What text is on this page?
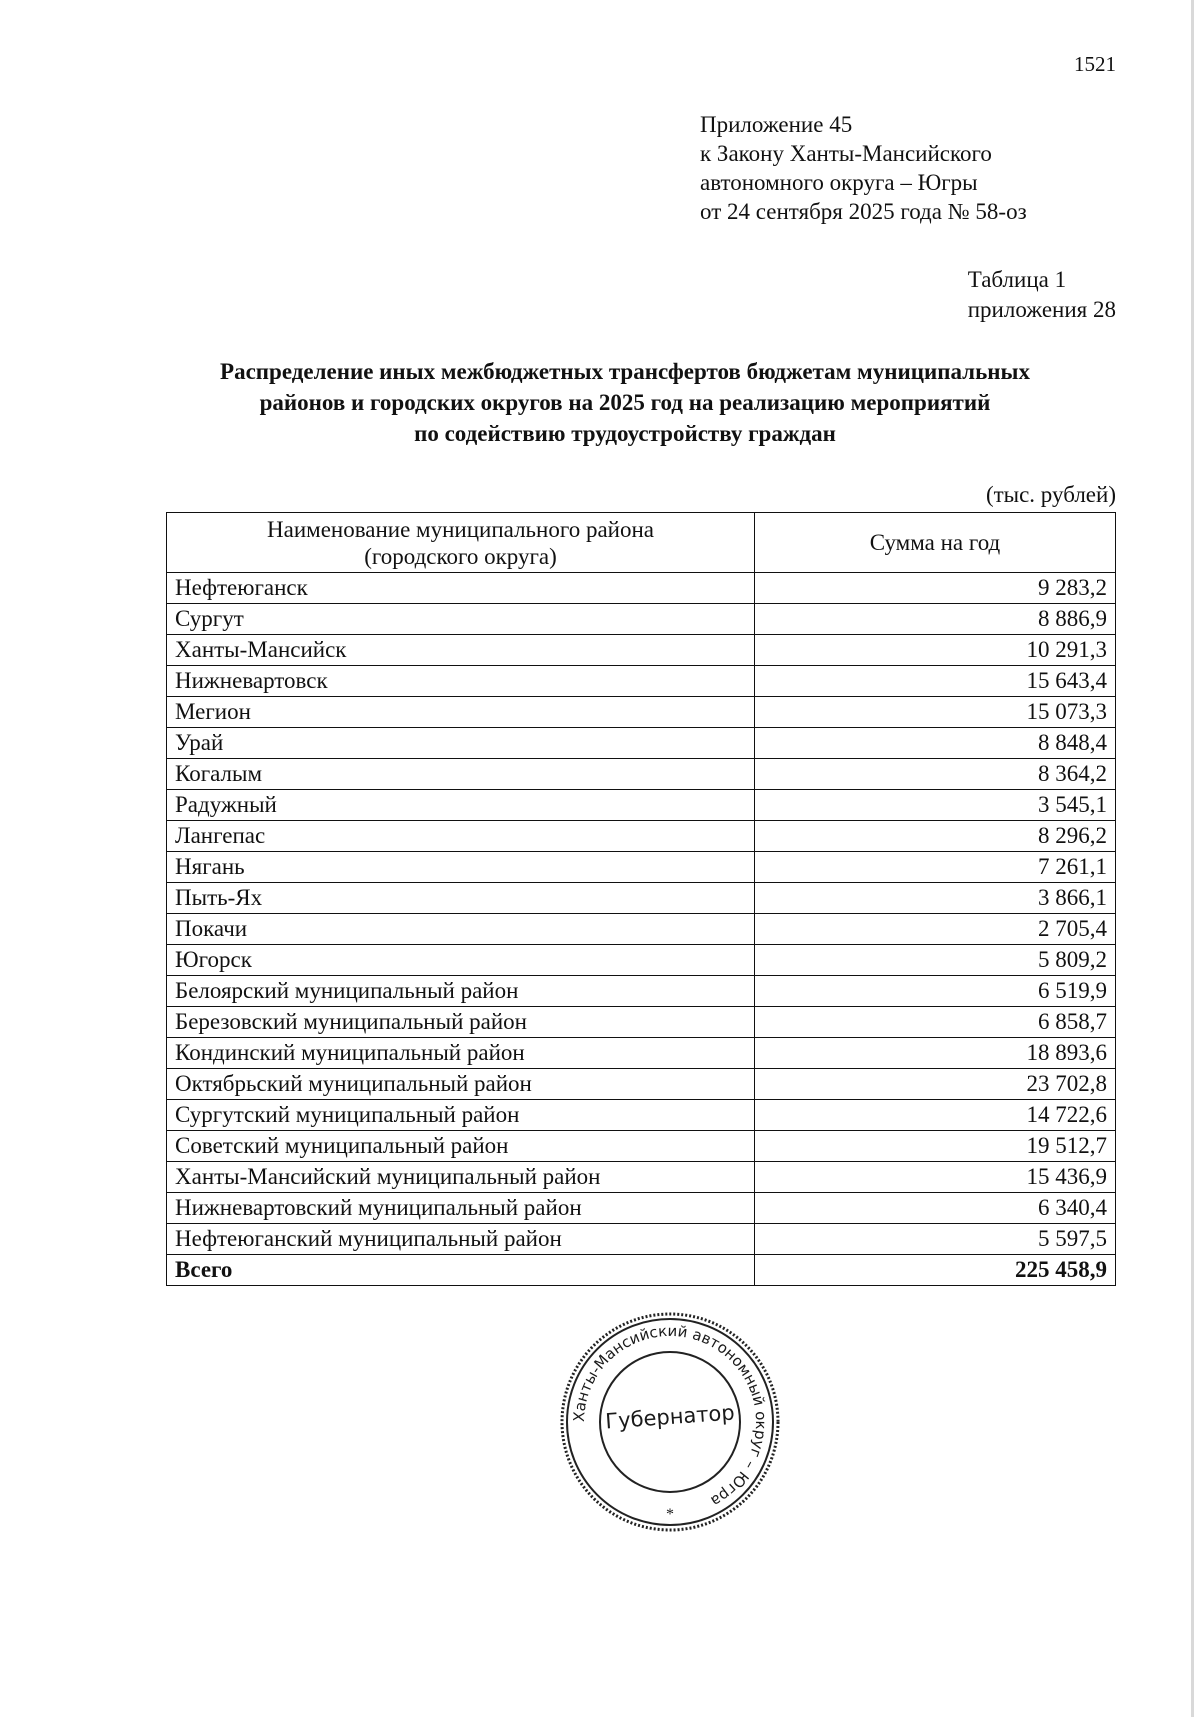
1521
Приложение 45
к Закону Ханты-Мансийского
автономного округа – Югры
от 24 сентября 2025 года № 58-оз
Таблица 1
приложения 28
Распределение иных межбюджетных трансфертов бюджетам муниципальных
районов и городских округов на 2025 год на реализацию мероприятий
по содействию трудоустройству граждан
(тыс. рублей)
Наименование муниципального района
(городского округа)	Сумма на год
Нефтеюганск	9 283,2
Сургут	8 886,9
Ханты-Мансийск	10 291,3
Нижневартовск	15 643,4
Мегион	15 073,3
Урай	8 848,4
Когалым	8 364,2
Радужный	3 545,1
Лангепас	8 296,2
Нягань	7 261,1
Пыть-Ях	3 866,1
Покачи	2 705,4
Югорск	5 809,2
Белоярский муниципальный район	6 519,9
Березовский муниципальный район	6 858,7
Кондинский муниципальный район	18 893,6
Октябрьский муниципальный район	23 702,8
Сургутский муниципальный район	14 722,6
Советский муниципальный район	19 512,7
Ханты-Мансийский муниципальный район	15 436,9
Нижневартовский муниципальный район	6 340,4
Нефтеюганский муниципальный район	5 597,5
Всего	225 458,9
Ханты-Мансийский автономный округ – Югра
*
Губернатор
